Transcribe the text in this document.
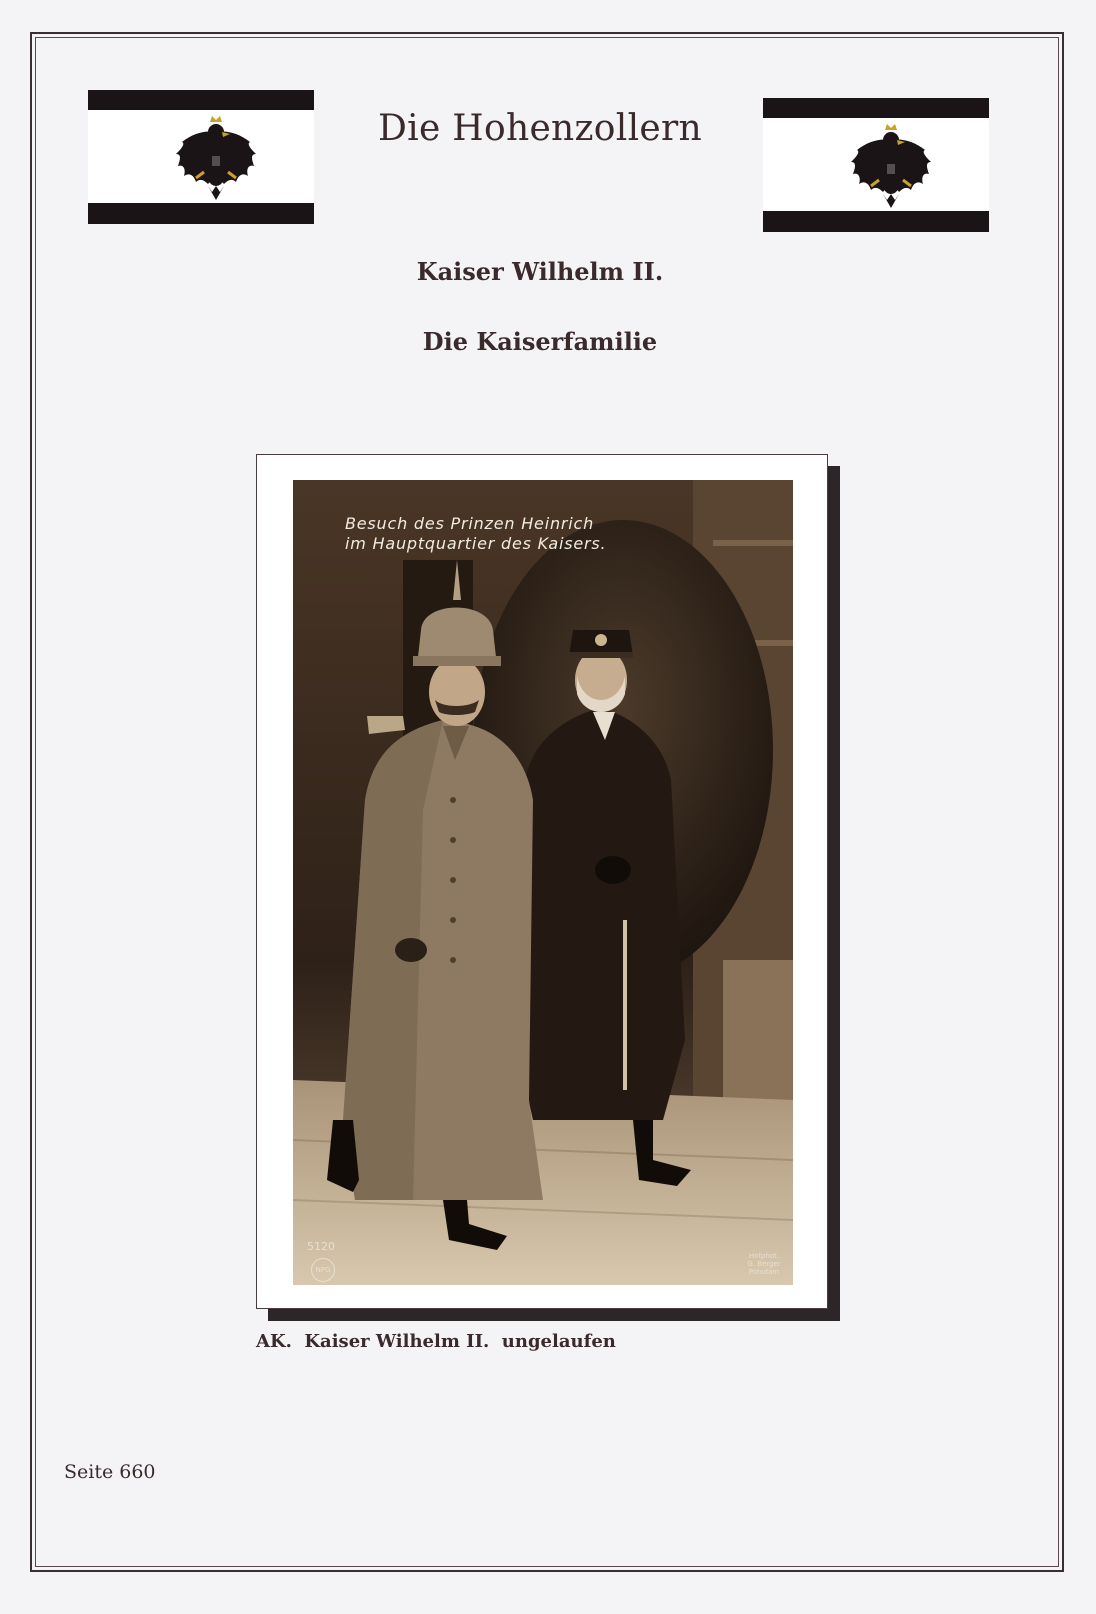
Die Hohenzollern
Kaiser Wilhelm II.
Die Kaiserfamilie
Besuch des Prinzen Heinrich
im Hauptquartier des Kaisers.
5120
NPG
Hofphot.
G. Berger
Potsdam

AK.  Kaiser Wilhelm II.  ungelaufen

Seite 660
